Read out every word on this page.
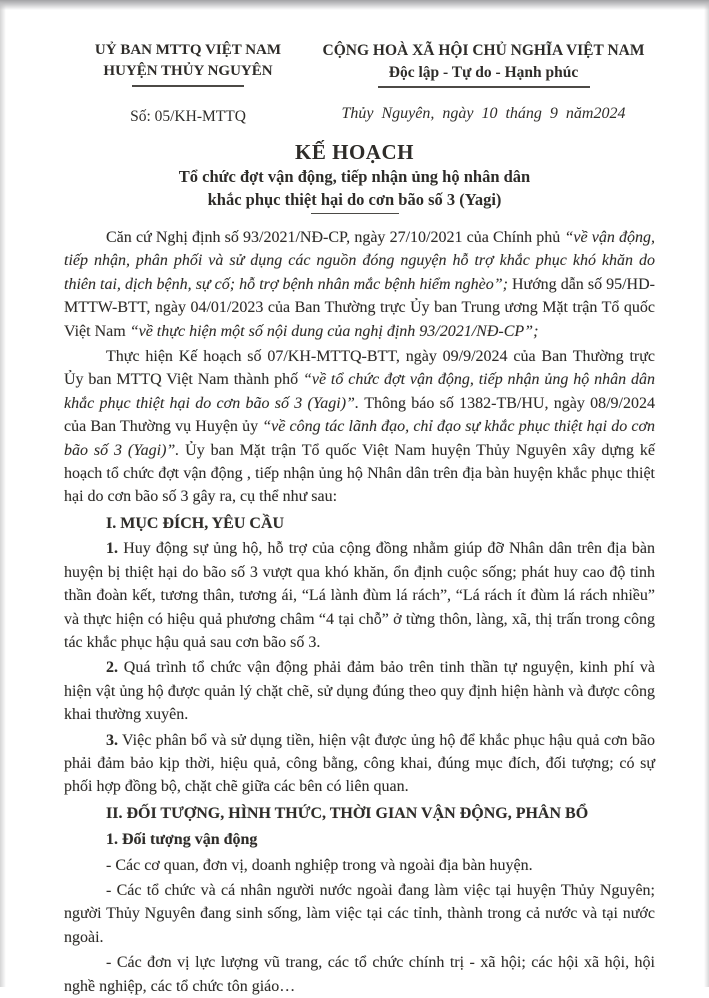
UỶ BAN MTTQ VIỆT NAM
HUYỆN THỦY NGUYÊN
Số: 05/KH-MTTQ
CỘNG HOÀ XÃ HỘI CHỦ NGHĨA VIỆT NAM
Độc lập - Tự do - Hạnh phúc
Thủy Nguyên, ngày 10 tháng 9 năm2024
KẾ HOẠCH
Tổ chức đợt vận động, tiếp nhận ủng hộ nhân dân
khắc phục thiệt hại do cơn bão số 3 (Yagi)

Căn cứ Nghị định số 93/2021/NĐ-CP, ngày 27/10/2021 của Chính phủ “về vận động, tiếp nhận, phân phối và sử dụng các nguồn đóng nguyện hỗ trợ khắc phục khó khăn do thiên tai, dịch bệnh, sự cố; hỗ trợ bệnh nhân mắc bệnh hiểm nghèo”; Hướng dẫn số 95/HD-MTTW-BTT, ngày 04/01/2023 của Ban Thường trực Ủy ban Trung ương Mặt trận Tổ quốc Việt Nam “về thực hiện một số nội dung của nghị định 93/2021/NĐ-CP”;

Thực hiện Kế hoạch số 07/KH-MTTQ-BTT, ngày 09/9/2024 của Ban Thường trực Ủy ban MTTQ Việt Nam thành phố “về tổ chức đợt vận động, tiếp nhận ủng hộ nhân dân khắc phục thiệt hại do cơn bão số 3 (Yagi)”. Thông báo số 1382-TB/HU, ngày 08/9/2024 của Ban Thường vụ Huyện ủy “về công tác lãnh đạo, chỉ đạo sự khắc phục thiệt hại do cơn bão số 3 (Yagi)”. Ủy ban Mặt trận Tổ quốc Việt Nam huyện Thủy Nguyên xây dựng kế hoạch tổ chức đợt vận động , tiếp nhận ủng hộ Nhân dân trên địa bàn huyện khắc phục thiệt hại do cơn bão số 3 gây ra, cụ thể như sau:

I. MỤC ĐÍCH, YÊU CẦU

1. Huy động sự ủng hộ, hỗ trợ của cộng đồng nhằm giúp đỡ Nhân dân trên địa bàn huyện bị thiệt hại do bão số 3 vượt qua khó khăn, ổn định cuộc sống; phát huy cao độ tinh thần đoàn kết, tương thân, tương ái, “Lá lành đùm lá rách”, “Lá rách ít đùm lá rách nhiều” và thực hiện có hiệu quả phương châm “4 tại chỗ” ở từng thôn, làng, xã, thị trấn trong công tác khắc phục hậu quả sau cơn bão số 3.

2. Quá trình tổ chức vận động phải đảm bảo trên tinh thần tự nguyện, kinh phí và hiện vật ủng hộ được quản lý chặt chẽ, sử dụng đúng theo quy định hiện hành và được công khai thường xuyên.

3. Việc phân bổ và sử dụng tiền, hiện vật được ủng hộ để khắc phục hậu quả cơn bão phải đảm bảo kịp thời, hiệu quả, công bằng, công khai, đúng mục đích, đối tượng; có sự phối hợp đồng bộ, chặt chẽ giữa các bên có liên quan.

II. ĐỐI TƯỢNG, HÌNH THỨC, THỜI GIAN VẬN ĐỘNG, PHÂN BỔ

1. Đối tượng vận động

- Các cơ quan, đơn vị, doanh nghiệp trong và ngoài địa bàn huyện.

- Các tổ chức và cá nhân người nước ngoài đang làm việc tại huyện Thủy Nguyên; người Thủy Nguyên đang sinh sống, làm việc tại các tỉnh, thành trong cả nước và tại nước ngoài.

- Các đơn vị lực lượng vũ trang, các tổ chức chính trị - xã hội; các hội xã hội, hội nghề nghiệp, các tổ chức tôn giáo…
